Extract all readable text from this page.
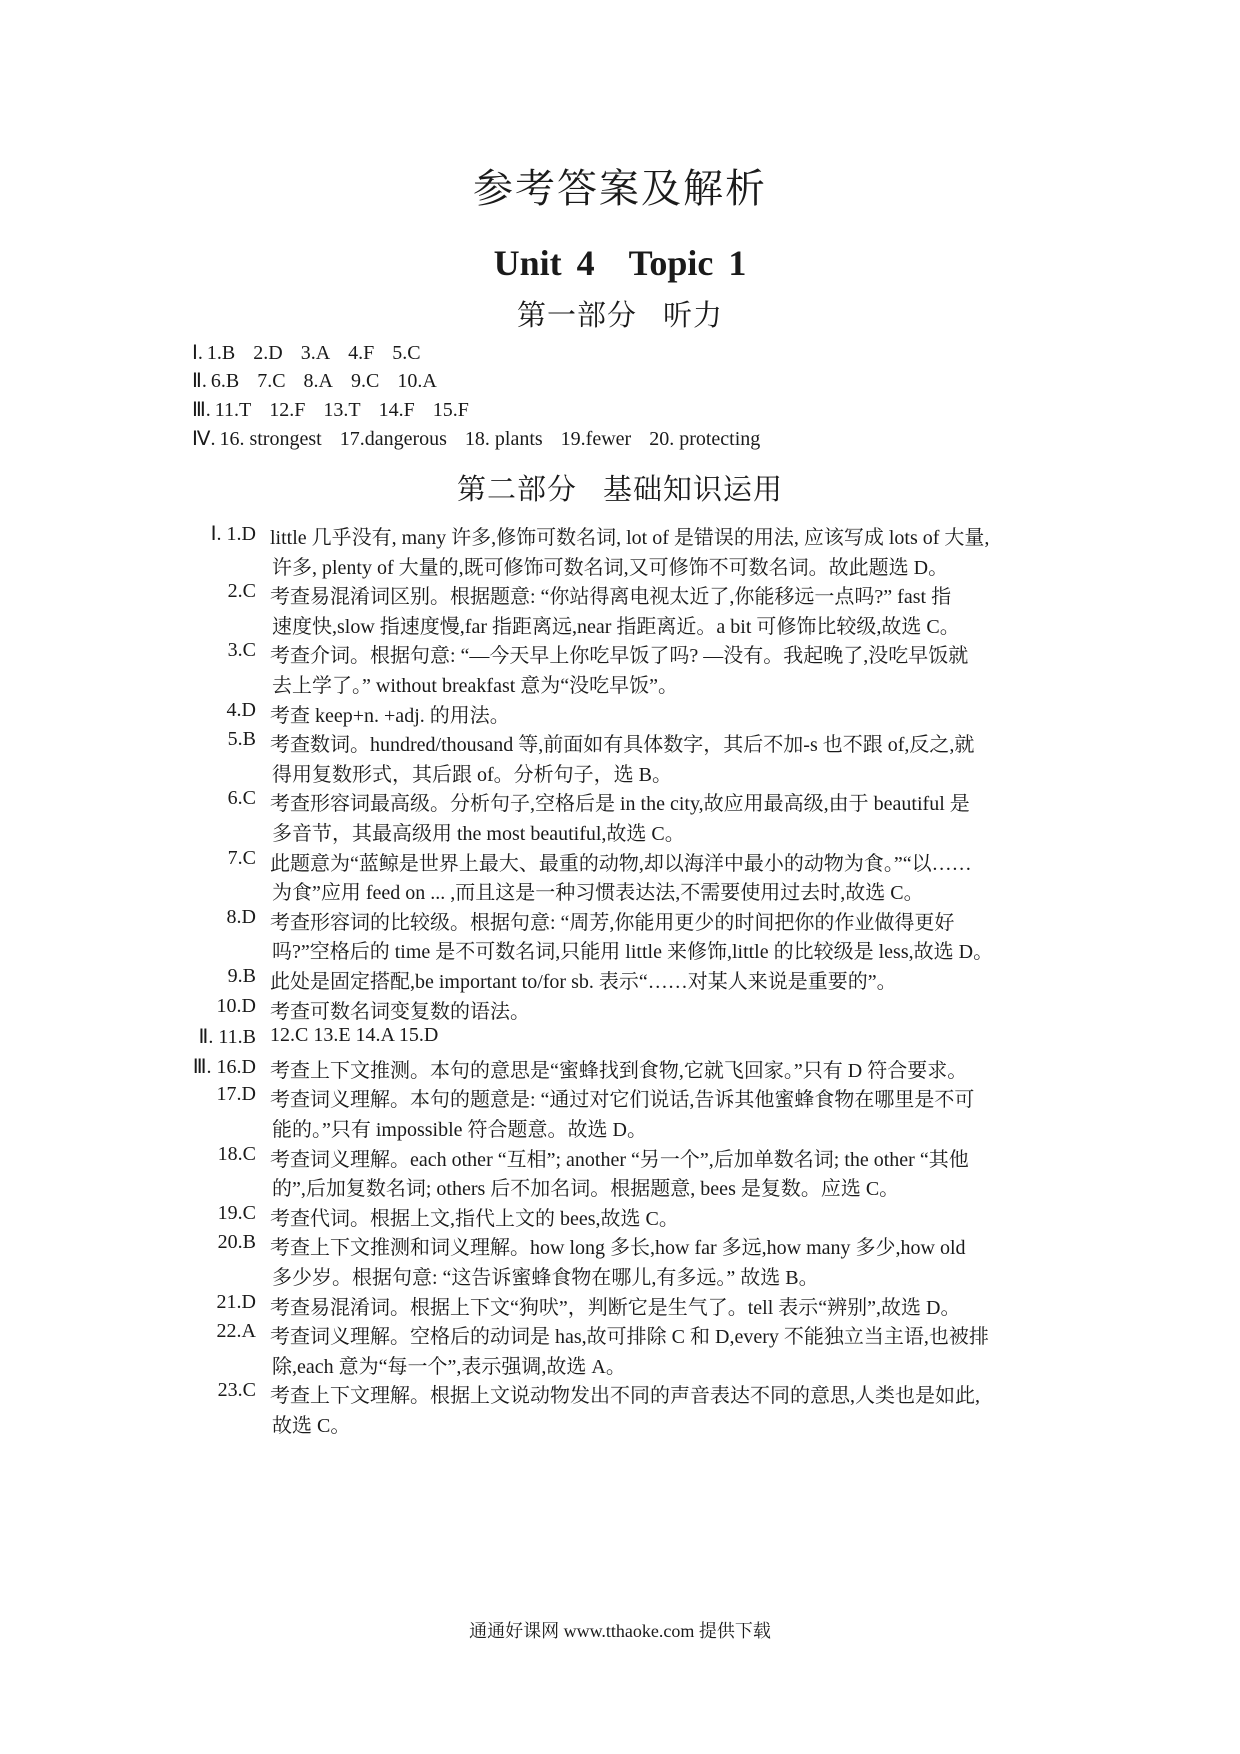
参考答案及解析
Unit 4 Topic 1
第一部分 听力
Ⅰ. 1.B 2.D 3.A 4.F 5.C
Ⅱ. 6.B 7.C 8.A 9.C 10.A
Ⅲ. 11.T 12.F 13.T 14.F 15.F
Ⅳ. 16. strongest 17.dangerous 18. plants 19.fewer 20. protecting
第二部分 基础知识运用
Ⅰ. 1.D little 几乎没有, many 许多,修饰可数名词, lot of 是错误的用法, 应该写成 lots of 大量,
许多, plenty of 大量的,既可修饰可数名词,又可修饰不可数名词。故此题选 D。
2.C 考查易混淆词区别。根据题意: “你站得离电视太近了,你能移远一点吗?” fast 指
速度快,slow 指速度慢,far 指距离远,near 指距离近。a bit 可修饰比较级,故选 C。
3.C 考查介词。根据句意: “—今天早上你吃早饭了吗? —没有。我起晚了,没吃早饭就
去上学了。” without breakfast 意为“没吃早饭”。
4.D 考查 keep+n. +adj. 的用法。
5.B 考查数词。hundred/thousand 等,前面如有具体数字，其后不加-s 也不跟 of,反之,就
得用复数形式，其后跟 of。分析句子，选 B。
6.C 考查形容词最高级。分析句子,空格后是 in the city,故应用最高级,由于 beautiful 是
多音节，其最高级用 the most beautiful,故选 C。
7.C 此题意为“蓝鲸是世界上最大、最重的动物,却以海洋中最小的动物为食。”“以……
为食”应用 feed on ... ,而且这是一种习惯表达法,不需要使用过去时,故选 C。
8.D 考查形容词的比较级。根据句意: “周芳,你能用更少的时间把你的作业做得更好
吗?”空格后的 time 是不可数名词,只能用 little 来修饰,little 的比较级是 less,故选 D。
9.B 此处是固定搭配,be important to/for sb. 表示“……对某人来说是重要的”。
10.D 考查可数名词变复数的语法。
Ⅱ. 11.B 12.C 13.E 14.A 15.D
Ⅲ. 16.D 考查上下文推测。本句的意思是“蜜蜂找到食物,它就飞回家。”只有 D 符合要求。
17.D 考查词义理解。本句的题意是: “通过对它们说话,告诉其他蜜蜂食物在哪里是不可
能的。”只有 impossible 符合题意。故选 D。
18.C 考查词义理解。each other “互相”; another “另一个”,后加单数名词; the other “其他
的”,后加复数名词; others 后不加名词。根据题意, bees 是复数。应选 C。
19.C 考查代词。根据上文,指代上文的 bees,故选 C。
20.B 考查上下文推测和词义理解。how long 多长,how far 多远,how many 多少,how old
多少岁。根据句意: “这告诉蜜蜂食物在哪儿,有多远。” 故选 B。
21.D 考查易混淆词。根据上下文“狗吠”，判断它是生气了。tell 表示“辨别”,故选 D。
22.A 考查词义理解。空格后的动词是 has,故可排除 C 和 D,every 不能独立当主语,也被排
除,each 意为“每一个”,表示强调,故选 A。
23.C 考查上下文理解。根据上文说动物发出不同的声音表达不同的意思,人类也是如此,
故选 C。
通通好课网 www.tthaoke.com 提供下载
